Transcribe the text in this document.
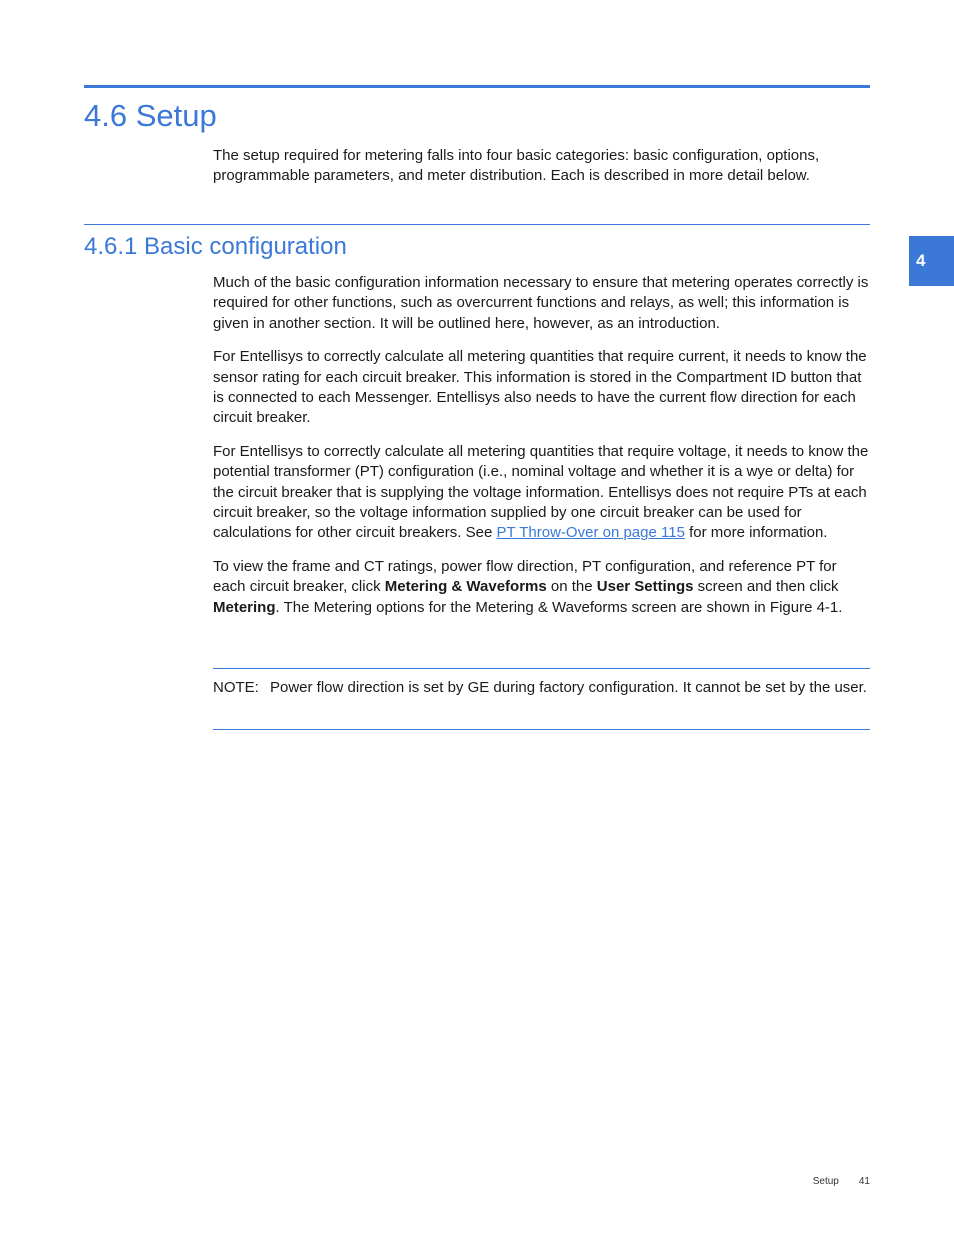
4.6 Setup

The setup required for metering falls into four basic categories: basic configuration, options, programmable parameters, and meter distribution. Each is described in more detail below.

4.6.1 Basic configuration

Much of the basic configuration information necessary to ensure that metering operates correctly is required for other functions, such as overcurrent functions and relays, as well; this information is given in another section. It will be outlined here, however, as an introduction.

For Entellisys to correctly calculate all metering quantities that require current, it needs to know the sensor rating for each circuit breaker. This information is stored in the Compartment ID button that is connected to each Messenger. Entellisys also needs to have the current flow direction for each circuit breaker.

For Entellisys to correctly calculate all metering quantities that require voltage, it needs to know the potential transformer (PT) configuration (i.e., nominal voltage and whether it is a wye or delta) for the circuit breaker that is supplying the voltage information. Entellisys does not require PTs at each circuit breaker, so the voltage information supplied by one circuit breaker can be used for calculations for other circuit breakers. See PT Throw-Over on page 115 for more information.

To view the frame and CT ratings, power flow direction, PT configuration, and reference PT for each circuit breaker, click Metering & Waveforms on the User Settings screen and then click Metering. The Metering options for the Metering & Waveforms screen are shown in Figure 4-1.

NOTE: Power flow direction is set by GE during factory configuration. It cannot be set by the user.

4
Setup 41
